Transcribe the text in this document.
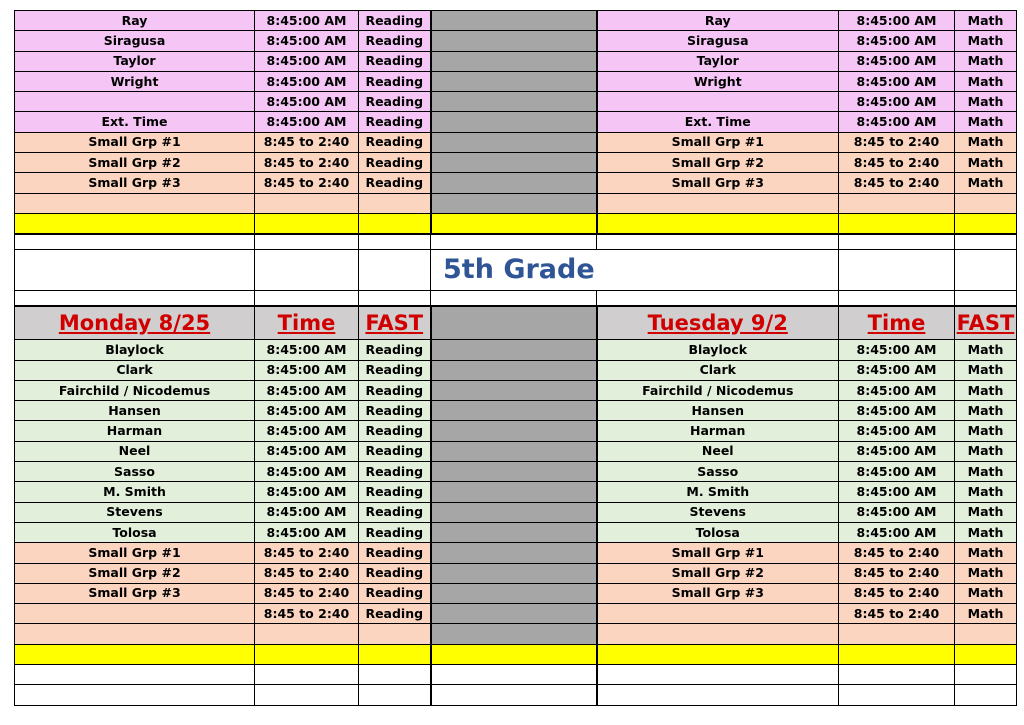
Ray	8:45:00 AM	Reading		Ray	8:45:00 AM	Math
Siragusa	8:45:00 AM	Reading		Siragusa	8:45:00 AM	Math
Taylor	8:45:00 AM	Reading		Taylor	8:45:00 AM	Math
Wright	8:45:00 AM	Reading		Wright	8:45:00 AM	Math
	8:45:00 AM	Reading			8:45:00 AM	Math
Ext. Time	8:45:00 AM	Reading		Ext. Time	8:45:00 AM	Math
Small Grp #1	8:45 to 2:40	Reading		Small Grp #1	8:45 to 2:40	Math
Small Grp #2	8:45 to 2:40	Reading		Small Grp #2	8:45 to 2:40	Math
Small Grp #3	8:45 to 2:40	Reading		Small Grp #3	8:45 to 2:40	Math

			5th Grade			

Monday 8/25	Time	FAST		Tuesday 9/2	Time	FAST
Blaylock	8:45:00 AM	Reading		Blaylock	8:45:00 AM	Math
Clark	8:45:00 AM	Reading		Clark	8:45:00 AM	Math
Fairchild / Nicodemus	8:45:00 AM	Reading		Fairchild / Nicodemus	8:45:00 AM	Math
Hansen	8:45:00 AM	Reading		Hansen	8:45:00 AM	Math
Harman	8:45:00 AM	Reading		Harman	8:45:00 AM	Math
Neel	8:45:00 AM	Reading		Neel	8:45:00 AM	Math
Sasso	8:45:00 AM	Reading		Sasso	8:45:00 AM	Math
M. Smith	8:45:00 AM	Reading		M. Smith	8:45:00 AM	Math
Stevens	8:45:00 AM	Reading		Stevens	8:45:00 AM	Math
Tolosa	8:45:00 AM	Reading		Tolosa	8:45:00 AM	Math
Small Grp #1	8:45 to 2:40	Reading		Small Grp #1	8:45 to 2:40	Math
Small Grp #2	8:45 to 2:40	Reading		Small Grp #2	8:45 to 2:40	Math
Small Grp #3	8:45 to 2:40	Reading		Small Grp #3	8:45 to 2:40	Math
	8:45 to 2:40	Reading			8:45 to 2:40	Math
